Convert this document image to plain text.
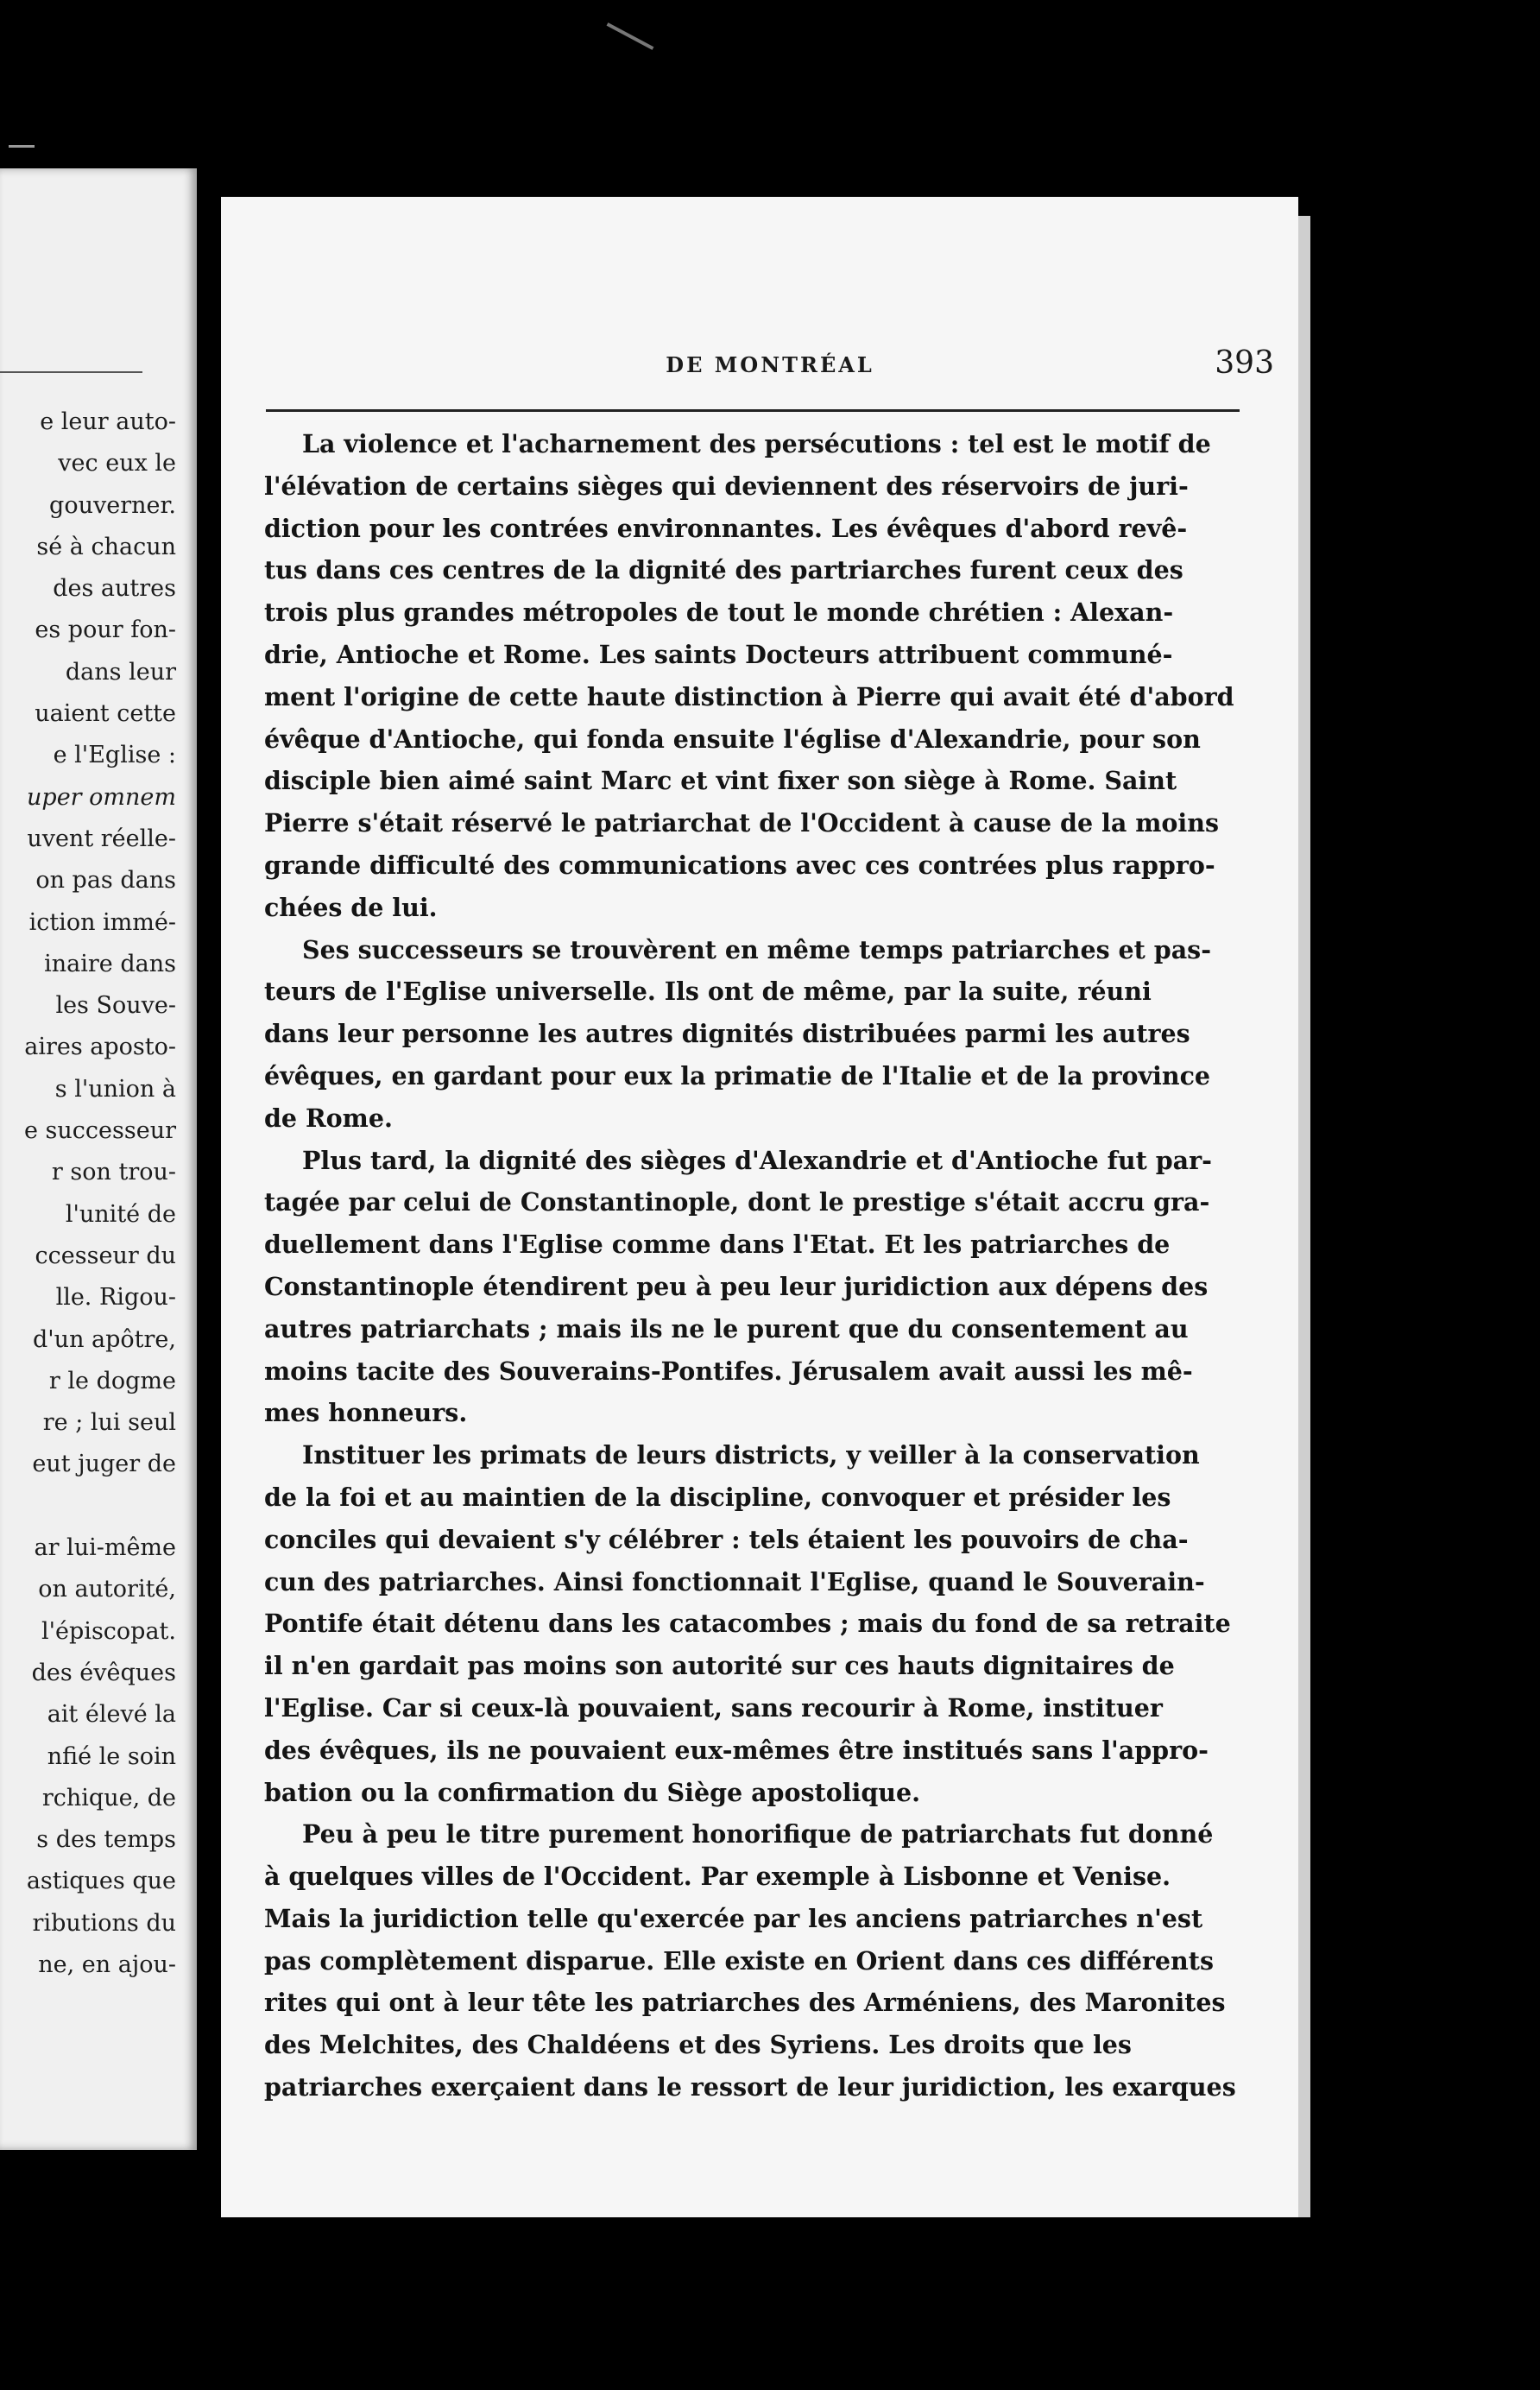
e leur auto-
vec eux le
gouverner.
sé à chacun
des autres
es pour fon-
dans leur
uaient cette
e l'Eglise :
uper omnem
uvent réelle-
on pas dans
iction immé-
inaire dans
les Souve-
aires aposto-
s l'union à
e successeur
r son trou-
l'unité de
ccesseur du
lle. Rigou-
d'un apôtre,
r le dogme
re ; lui seul
eut juger de

ar lui-même
on autorité,
l'épiscopat.
des évêques
ait élevé la
nfié le soin
rchique, de
s des temps
astiques que
ributions du
ne, en ajou-
DE MONTRÉAL	393

La violence et l'acharnement des persécutions : tel est le motif de
l'élévation de certains sièges qui deviennent des réservoirs de juri-
diction pour les contrées environnantes. Les évêques d'abord revê-
tus dans ces centres de la dignité des partriarches furent ceux des
trois plus grandes métropoles de tout le monde chrétien : Alexan-
drie, Antioche et Rome. Les saints Docteurs attribuent communé-
ment l'origine de cette haute distinction à Pierre qui avait été d'abord
évêque d'Antioche, qui fonda ensuite l'église d'Alexandrie, pour son
disciple bien aimé saint Marc et vint fixer son siège à Rome. Saint
Pierre s'était réservé le patriarchat de l'Occident à cause de la moins
grande difficulté des communications avec ces contrées plus rappro-
chées de lui.

Ses successeurs se trouvèrent en même temps patriarches et pas-
teurs de l'Eglise universelle. Ils ont de même, par la suite, réuni
dans leur personne les autres dignités distribuées parmi les autres
évêques, en gardant pour eux la primatie de l'Italie et de la province
de Rome.

Plus tard, la dignité des sièges d'Alexandrie et d'Antioche fut par-
tagée par celui de Constantinople, dont le prestige s'était accru gra-
duellement dans l'Eglise comme dans l'Etat. Et les patriarches de
Constantinople étendirent peu à peu leur juridiction aux dépens des
autres patriarchats ; mais ils ne le purent que du consentement au
moins tacite des Souverains-Pontifes. Jérusalem avait aussi les mê-
mes honneurs.

Instituer les primats de leurs districts, y veiller à la conservation
de la foi et au maintien de la discipline, convoquer et présider les
conciles qui devaient s'y célébrer : tels étaient les pouvoirs de cha-
cun des patriarches. Ainsi fonctionnait l'Eglise, quand le Souverain-
Pontife était détenu dans les catacombes ; mais du fond de sa retraite
il n'en gardait pas moins son autorité sur ces hauts dignitaires de
l'Eglise. Car si ceux-là pouvaient, sans recourir à Rome, instituer
des évêques, ils ne pouvaient eux-mêmes être institués sans l'appro-
bation ou la confirmation du Siège apostolique.

Peu à peu le titre purement honorifique de patriarchats fut donné
à quelques villes de l'Occident. Par exemple à Lisbonne et Venise.
Mais la juridiction telle qu'exercée par les anciens patriarches n'est
pas complètement disparue. Elle existe en Orient dans ces différents
rites qui ont à leur tête les patriarches des Arméniens, des Maronites
des Melchites, des Chaldéens et des Syriens. Les droits que les
patriarches exerçaient dans le ressort de leur juridiction, les exarques
